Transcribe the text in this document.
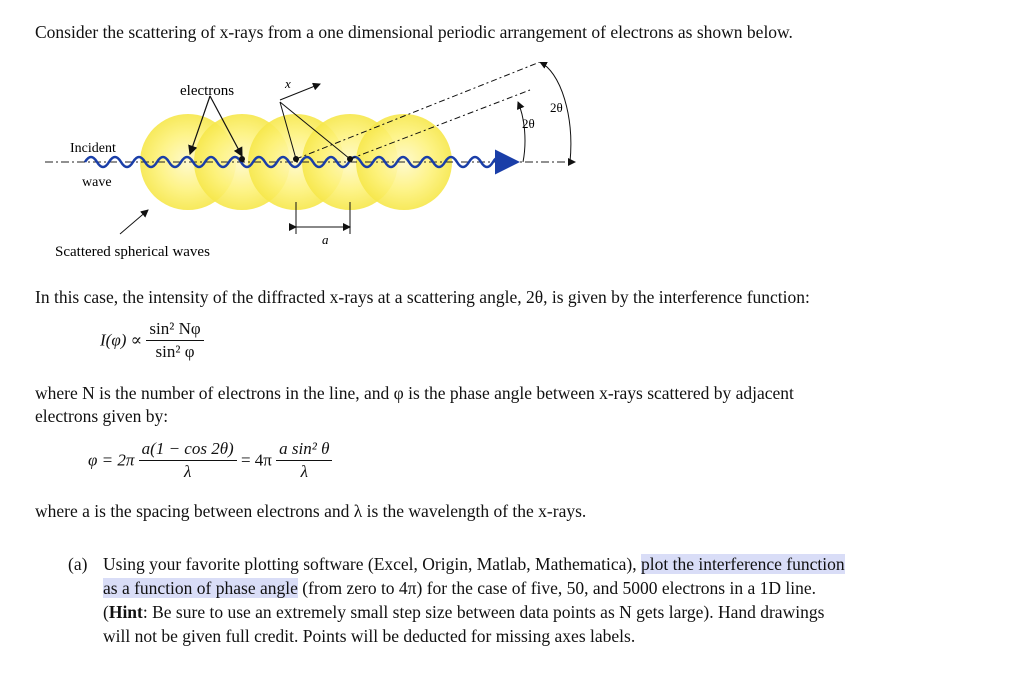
Consider the scattering of x-rays from a one dimensional periodic arrangement of electrons as shown below.
electrons
Incident
wave
Scattered spherical waves
x
a
2θ
2θ
In this case, the intensity of the diffracted x-rays at a scattering angle, 2θ, is given by the interference function:
$I(\varphi) \propto \frac{\text{sin² Nφ}}{\text{sin² φ}}$
where N is the number of electrons in the line, and φ is the phase angle between x-rays scattered by adjacent
electrons given by:
$\varphi = 2\pi \frac{a(1 - \cos 2\theta)}{\lambda} = 4\pi \frac{\text{a sin² θ}}{\lambda}$
where a is the spacing between electrons and λ is the wavelength of the x-rays.
(a) Using your favorite plotting software (Excel, Origin, Matlab, Mathematica), plot the interference function
as a function of phase angle (from zero to 4π) for the case of five, 50, and 5000 electrons in a 1D line.
(Hint: Be sure to use an extremely small step size between data points as N gets large). Hand drawings
will not be given full credit. Points will be deducted for missing axes labels.
